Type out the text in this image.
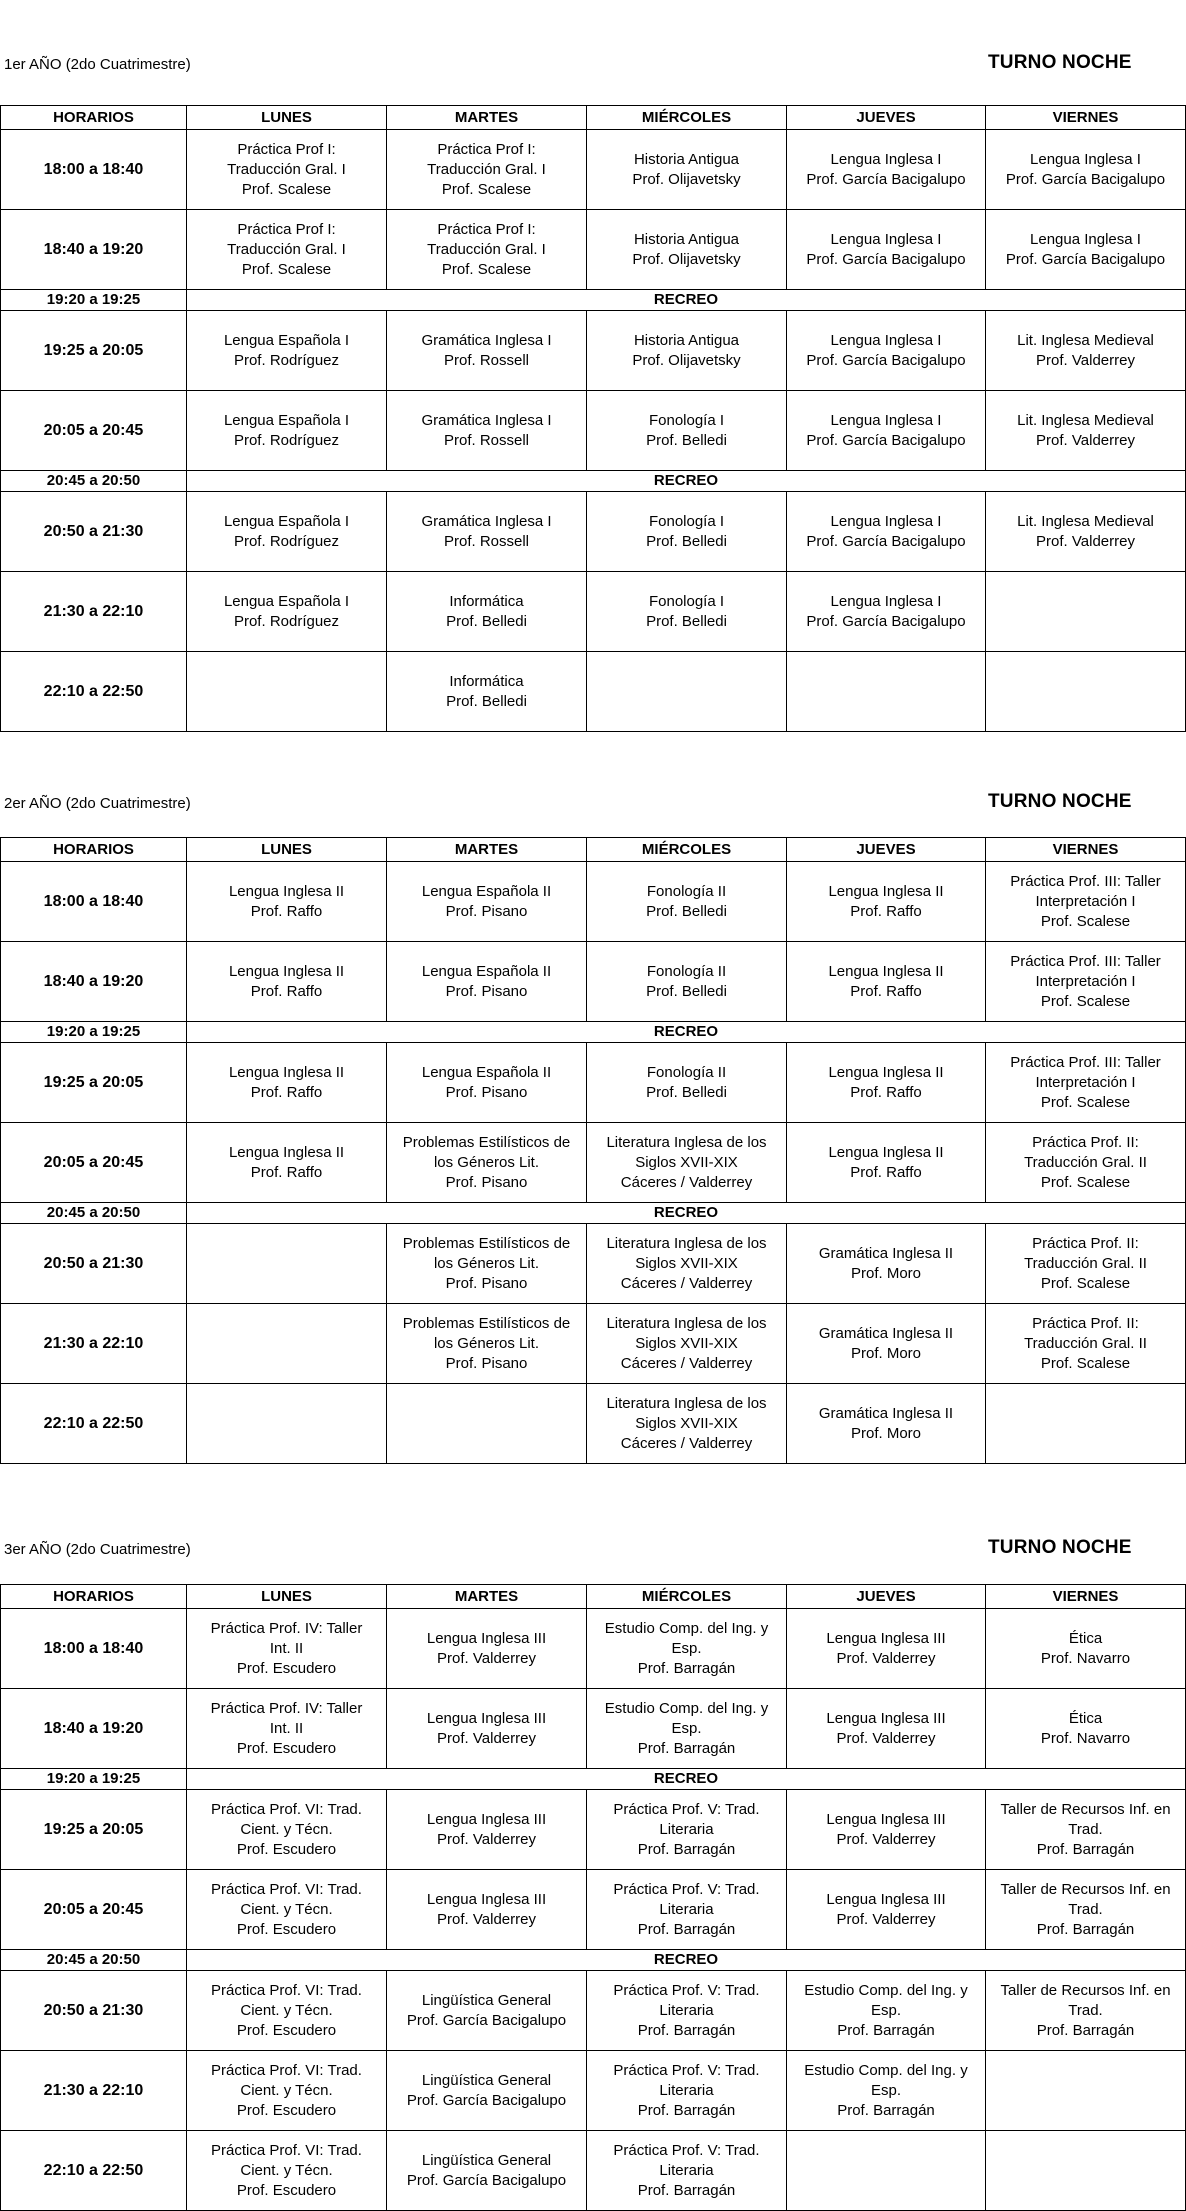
1er AÑO (2do Cuatrimestre)	TURNO NOCHE
HORARIOS	LUNES	MARTES	MIÉRCOLES	JUEVES	VIERNES
18:00 a 18:40	Práctica Prof I:
Traducción Gral. I
Prof. Scalese	Práctica Prof I:
Traducción Gral. I
Prof. Scalese	Historia Antigua
Prof. Olijavetsky	Lengua Inglesa I
Prof. García Bacigalupo	Lengua Inglesa I
Prof. García Bacigalupo

18:40 a 19:20	Práctica Prof I:
Traducción Gral. I
Prof. Scalese	Práctica Prof I:
Traducción Gral. I
Prof. Scalese	Historia Antigua
Prof. Olijavetsky	Lengua Inglesa I
Prof. García Bacigalupo	Lengua Inglesa I
Prof. García Bacigalupo

19:20 a 19:25	RECREO				
19:25 a 20:05	Lengua Española I
Prof. Rodríguez	Gramática Inglesa I
Prof. Rossell	Historia Antigua
Prof. Olijavetsky	Lengua Inglesa I
Prof. García Bacigalupo	Lit. Inglesa Medieval
Prof. Valderrey

20:05 a 20:45	Lengua Española I
Prof. Rodríguez	Gramática Inglesa I
Prof. Rossell	Fonología I
Prof. Belledi	Lengua Inglesa I
Prof. García Bacigalupo	Lit. Inglesa Medieval
Prof. Valderrey

20:45 a 20:50	RECREO				
20:50 a 21:30	Lengua Española I
Prof. Rodríguez	Gramática Inglesa I
Prof. Rossell	Fonología I
Prof. Belledi	Lengua Inglesa I
Prof. García Bacigalupo	Lit. Inglesa Medieval
Prof. Valderrey

21:30 a 22:10	Lengua Española I
Prof. Rodríguez	Informática
Prof. Belledi	Fonología I
Prof. Belledi	Lengua Inglesa I
Prof. García Bacigalupo	

22:10 a 22:50		Informática
Prof. Belledi			

2er AÑO (2do Cuatrimestre)	TURNO NOCHE
HORARIOS	LUNES	MARTES	MIÉRCOLES	JUEVES	VIERNES
18:00 a 18:40	Lengua Inglesa II
Prof. Raffo	Lengua Española II
Prof. Pisano	Fonología II
Prof. Belledi	Lengua Inglesa II
Prof. Raffo	Práctica Prof. III: Taller
Interpretación I
Prof. Scalese

18:40 a 19:20	Lengua Inglesa II
Prof. Raffo	Lengua Española II
Prof. Pisano	Fonología II
Prof. Belledi	Lengua Inglesa II
Prof. Raffo	Práctica Prof. III: Taller
Interpretación I
Prof. Scalese

19:20 a 19:25	RECREO				
19:25 a 20:05	Lengua Inglesa II
Prof. Raffo	Lengua Española II
Prof. Pisano	Fonología II
Prof. Belledi	Lengua Inglesa II
Prof. Raffo	Práctica Prof. III: Taller
Interpretación I
Prof. Scalese

20:05 a 20:45	Lengua Inglesa II
Prof. Raffo	Problemas Estilísticos de
los Géneros Lit.
Prof. Pisano	Literatura Inglesa de los
Siglos XVII-XIX
Cáceres / Valderrey	Lengua Inglesa II
Prof. Raffo	Práctica Prof. II:
Traducción Gral. II
Prof. Scalese

20:45 a 20:50	RECREO				
20:50 a 21:30		Problemas Estilísticos de
los Géneros Lit.
Prof. Pisano	Literatura Inglesa de los
Siglos XVII-XIX
Cáceres / Valderrey	Gramática Inglesa II
Prof. Moro	Práctica Prof. II:
Traducción Gral. II
Prof. Scalese

21:30 a 22:10		Problemas Estilísticos de
los Géneros Lit.
Prof. Pisano	Literatura Inglesa de los
Siglos XVII-XIX
Cáceres / Valderrey	Gramática Inglesa II
Prof. Moro	Práctica Prof. II:
Traducción Gral. II
Prof. Scalese

22:10 a 22:50			Literatura Inglesa de los
Siglos XVII-XIX
Cáceres / Valderrey	Gramática Inglesa II
Prof. Moro	

3er AÑO (2do Cuatrimestre)	TURNO NOCHE
HORARIOS	LUNES	MARTES	MIÉRCOLES	JUEVES	VIERNES
18:00 a 18:40	Práctica Prof. IV: Taller
Int. II
Prof. Escudero	Lengua Inglesa III
Prof. Valderrey	Estudio Comp. del Ing. y
Esp.
Prof. Barragán	Lengua Inglesa III
Prof. Valderrey	Ética
Prof. Navarro

18:40 a 19:20	Práctica Prof. IV: Taller
Int. II
Prof. Escudero	Lengua Inglesa III
Prof. Valderrey	Estudio Comp. del Ing. y
Esp.
Prof. Barragán	Lengua Inglesa III
Prof. Valderrey	Ética
Prof. Navarro

19:20 a 19:25	RECREO				
19:25 a 20:05	Práctica Prof. VI: Trad.
Cient. y Técn.
Prof. Escudero	Lengua Inglesa III
Prof. Valderrey	Práctica Prof. V: Trad.
Literaria
Prof. Barragán	Lengua Inglesa III
Prof. Valderrey	Taller de Recursos Inf. en
Trad.
Prof. Barragán

20:05 a 20:45	Práctica Prof. VI: Trad.
Cient. y Técn.
Prof. Escudero	Lengua Inglesa III
Prof. Valderrey	Práctica Prof. V: Trad.
Literaria
Prof. Barragán	Lengua Inglesa III
Prof. Valderrey	Taller de Recursos Inf. en
Trad.
Prof. Barragán

20:45 a 20:50	RECREO				
20:50 a 21:30	Práctica Prof. VI: Trad.
Cient. y Técn.
Prof. Escudero	Lingüística General
Prof. García Bacigalupo	Práctica Prof. V: Trad.
Literaria
Prof. Barragán	Estudio Comp. del Ing. y
Esp.
Prof. Barragán	Taller de Recursos Inf. en
Trad.
Prof. Barragán

21:30 a 22:10	Práctica Prof. VI: Trad.
Cient. y Técn.
Prof. Escudero	Lingüística General
Prof. García Bacigalupo	Práctica Prof. V: Trad.
Literaria
Prof. Barragán	Estudio Comp. del Ing. y
Esp.
Prof. Barragán	

22:10 a 22:50	Práctica Prof. VI: Trad.
Cient. y Técn.
Prof. Escudero	Lingüística General
Prof. García Bacigalupo	Práctica Prof. V: Trad.
Literaria
Prof. Barragán		
